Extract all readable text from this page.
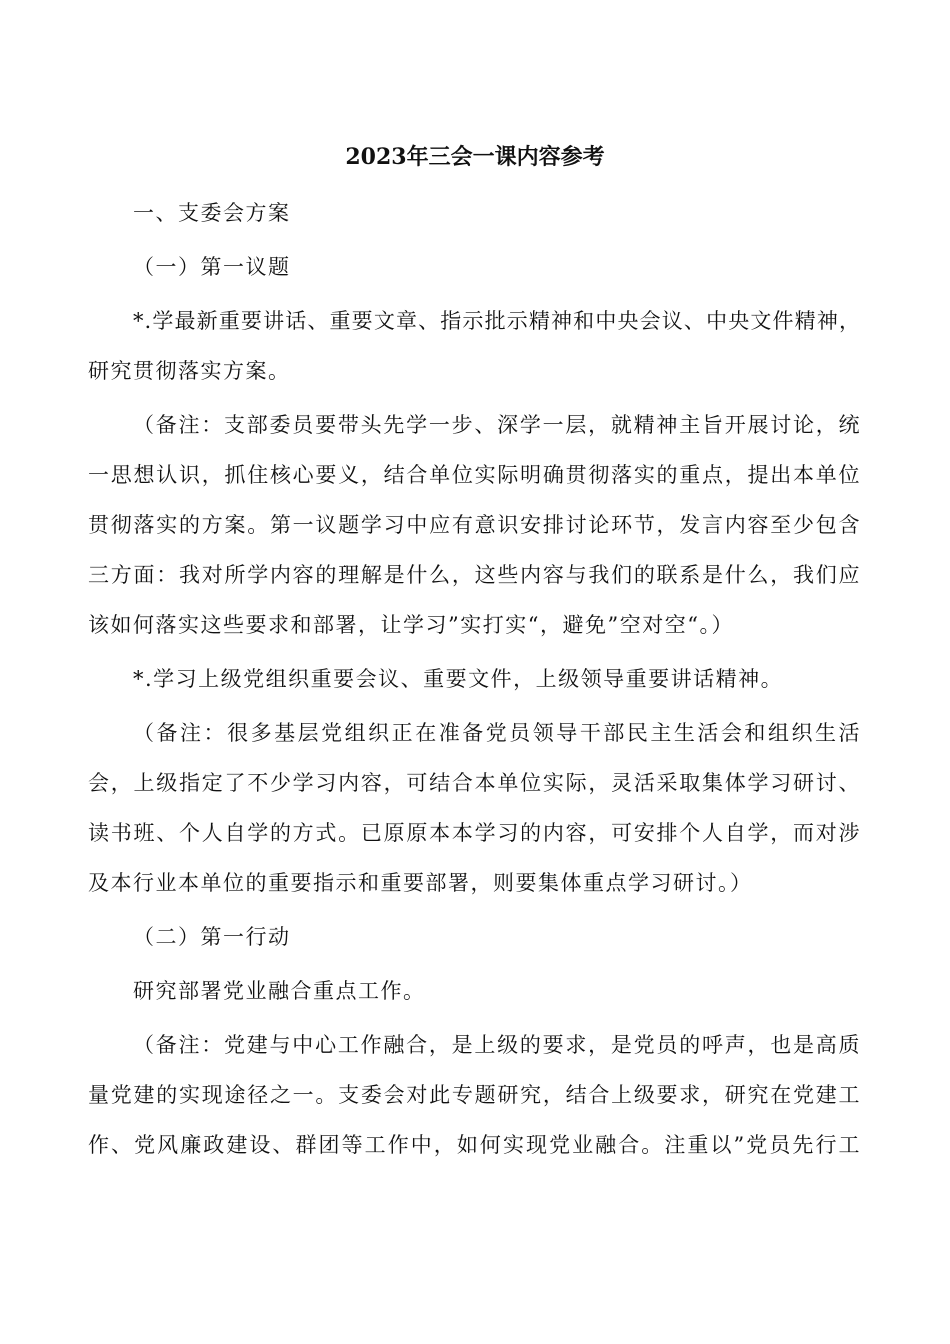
2023年三会一课内容参考
一、支委会方案
（一）第一议题
*.学最新重要讲话、重要文章、指示批示精神和中央会议、中央文件精神，
研究贯彻落实方案。
（备注：支部委员要带头先学一步、深学一层，就精神主旨开展讨论，统
一思想认识，抓住核心要义，结合单位实际明确贯彻落实的重点，提出本单位
贯彻落实的方案。第一议题学习中应有意识安排讨论环节，发言内容至少包含
三方面：我对所学内容的理解是什么，这些内容与我们的联系是什么，我们应
该如何落实这些要求和部署，让学习”实打实“，避免”空对空“。）
*.学习上级党组织重要会议、重要文件，上级领导重要讲话精神。
（备注：很多基层党组织正在准备党员领导干部民主生活会和组织生活
会，上级指定了不少学习内容，可结合本单位实际，灵活采取集体学习研讨、
读书班、个人自学的方式。已原原本本学习的内容，可安排个人自学，而对涉
及本行业本单位的重要指示和重要部署，则要集体重点学习研讨。）
（二）第一行动
研究部署党业融合重点工作。
（备注：党建与中心工作融合，是上级的要求，是党员的呼声，也是高质
量党建的实现途径之一。支委会对此专题研究，结合上级要求，研究在党建工
作、党风廉政建设、群团等工作中，如何实现党业融合。注重以”党员先行工
